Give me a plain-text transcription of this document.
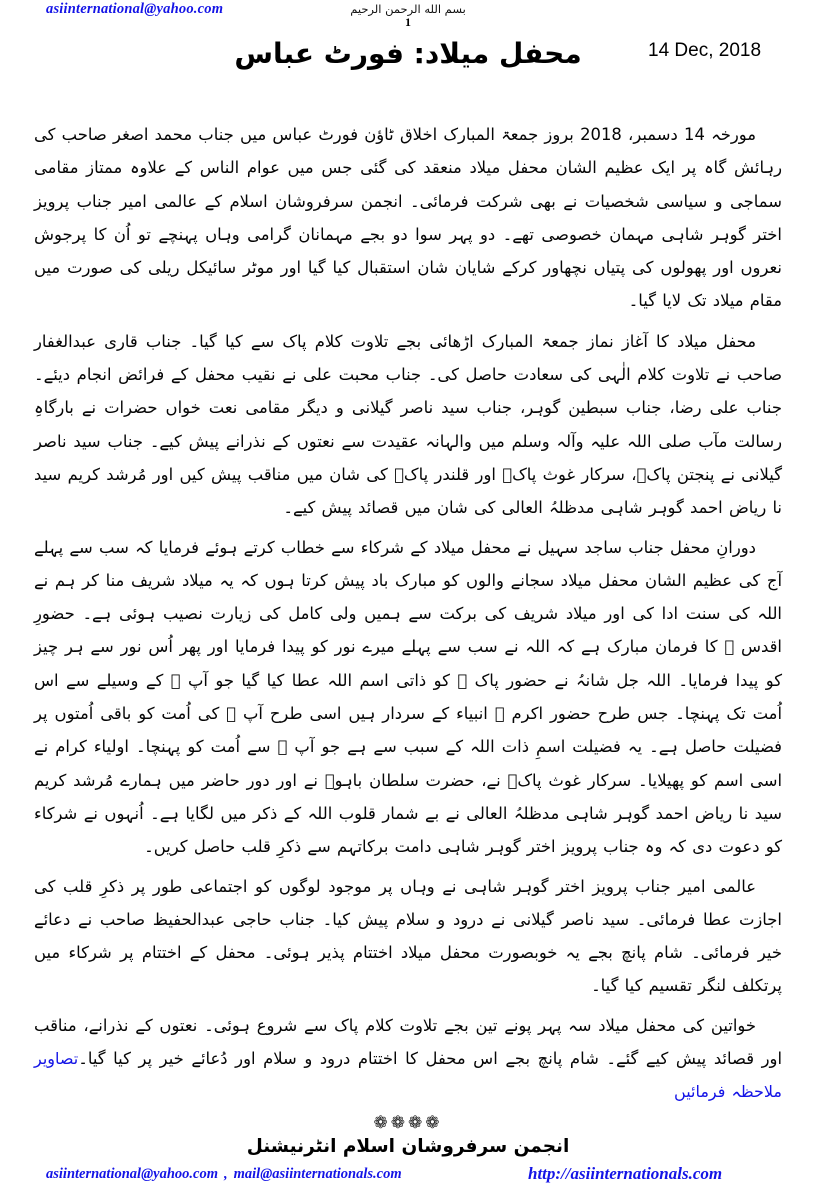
asiinternational@yahoo.com	بسم الله الرحمن الرحيم
1
14 Dec, 2018
محفل میلاد: فورٹ عباس

مورخہ 14 دسمبر، 2018 بروز جمعۃ المبارک اخلاق ٹاؤن فورٹ عباس میں جناب محمد اصغر صاحب کی رہائش گاہ پر ایک عظیم الشان محفل میلاد منعقد کی گئی جس میں عوام الناس کے علاوہ ممتاز مقامی سماجی و سیاسی شخصیات نے بھی شرکت فرمائی۔ انجمن سرفروشان اسلام کے عالمی امیر جناب پرویز اختر گوہر شاہی مہمان خصوصی تھے۔ دو پہر سوا دو بجے مہمانان گرامی وہاں پہنچے تو اُن کا پرجوش نعروں اور پھولوں کی پتیاں نچھاور کرکے شایان شان استقبال کیا گیا اور موٹر سائیکل ریلی کی صورت میں مقام میلاد تک لایا گیا۔

محفل میلاد کا آغاز نماز جمعۃ المبارک اڑھائی بجے تلاوت کلام پاک سے کیا گیا۔ جناب قاری عبدالغفار صاحب نے تلاوت کلام الٰہی کی سعادت حاصل کی۔ جناب محبت علی نے نقیب محفل کے فرائض انجام دیئے۔ جناب علی رضا، جناب سبطین گوہر، جناب سید ناصر گیلانی و دیگر مقامی نعت خواں حضرات نے بارگاہِ رسالت مآب صلی اللہ علیہ وآلہ وسلم میں والہانہ عقیدت سے نعتوں کے نذرانے پیش کیے۔ جناب سید ناصر گیلانی نے پنجتن پاکؓ، سرکار غوث پاکؓ اور قلندر پاکؓ کی شان میں مناقب پیش کیں اور مُرشد کریم سید نا ریاض احمد گوہر شاہی مدظلہُ العالی کی شان میں قصائد پیش کیے۔

دورانِ محفل جناب ساجد سہیل نے محفل میلاد کے شرکاء سے خطاب کرتے ہوئے فرمایا کہ سب سے پہلے آج کی عظیم الشان محفل میلاد سجانے والوں کو مبارک باد پیش کرتا ہوں کہ یہ میلاد شریف منا کر ہم نے اللہ کی سنت ادا کی اور میلاد شریف کی برکت سے ہمیں ولی کامل کی زیارت نصیب ہوئی ہے۔ حضورِ اقدس ﷺ کا فرمان مبارک ہے کہ اللہ نے سب سے پہلے میرے نور کو پیدا فرمایا اور پھر اُس نور سے ہر چیز کو پیدا فرمایا۔ اللہ جل شانہُ نے حضور پاک ﷺ کو ذاتی اسم اللہ عطا کیا گیا جو آپ ﷺ کے وسیلے سے اس اُمت تک پہنچا۔ جس طرح حضور اکرم ﷺ انبیاء کے سردار ہیں اسی طرح آپ ﷺ کی اُمت کو باقی اُمتوں پر فضیلت حاصل ہے۔ یہ فضیلت اسمِ ذات اللہ کے سبب سے ہے جو آپ ﷺ سے اُمت کو پہنچا۔ اولیاء کرام نے اسی اسم کو پھیلایا۔ سرکار غوث پاکؓ نے، حضرت سلطان باہوؒ نے اور دور حاضر میں ہمارے مُرشد کریم سید نا ریاض احمد گوہر شاہی مدظلہُ العالی نے بے شمار قلوب اللہ کے ذکر میں لگایا ہے۔ اُنہوں نے شرکاء کو دعوت دی کہ وہ جناب پرویز اختر گوہر شاہی دامت برکاتہم سے ذکرِ قلب حاصل کریں۔

عالمی امیر جناب پرویز اختر گوہر شاہی نے وہاں پر موجود لوگوں کو اجتماعی طور پر ذکرِ قلب کی اجازت عطا فرمائی۔ سید ناصر گیلانی نے درود و سلام پیش کیا۔ جناب حاجی عبدالحفیظ صاحب نے دعائے خیر فرمائی۔ شام پانچ بجے یہ خوبصورت محفل میلاد اختتام پذیر ہوئی۔ محفل کے اختتام پر شرکاء میں پرتکلف لنگر تقسیم کیا گیا۔

خواتین کی محفل میلاد سہ پہر پونے تین بجے تلاوت کلام پاک سے شروع ہوئی۔ نعتوں کے نذرانے، مناقب اور قصائد پیش کیے گئے۔ شام پانچ بجے اس محفل کا اختتام درود و سلام اور دُعائے خیر پر کیا گیا۔تصاویر ملاحظہ فرمائیں

❁❁❁❁
انجمن سرفروشان اسلام انٹرنیشنل
asiinternational@yahoo.com , mail@asiinternationals.com	http://asiinternationals.com
